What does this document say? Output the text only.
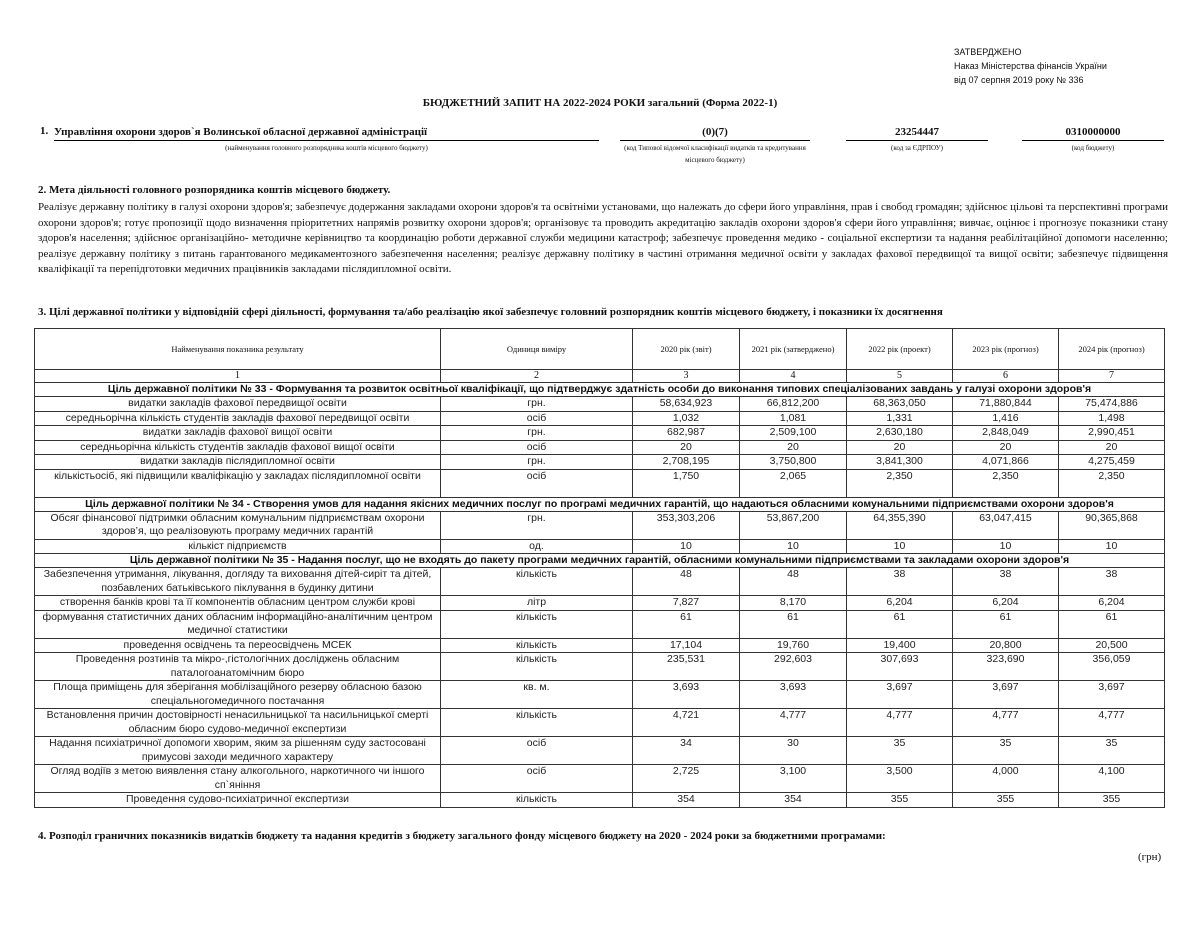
ЗАТВЕРДЖЕНО
Наказ Міністерства фінансів України
від 07 серпня 2019 року № 336
БЮДЖЕТНИЙ ЗАПИТ НА 2022-2024 РОКИ загальний (Форма 2022-1)
1. Управління охорони здоров`я Волинської обласної державної адміністрації
(найменування головного розпорядника коштів місцевого бюджету)
(0)(7)
(код Типової відомчої класифікації видатків та кредитування місцевого бюджету)
23254447
(код за ЄДРПОУ)
0310000000
(код бюджету)
2. Мета діяльності головного розпорядника коштів місцевого бюджету.
Реалізує державну політику в галузі охорони здоров'я; забезпечує додержання закладами охорони здоров'я та освітніми установами, що належать до сфери його управління, прав і свобод громадян; здійснює цільові та перспективні програми охорони здоров'я; готує пропозиції щодо визначення пріоритетних напрямів розвитку охорони здоров'я; організовує та проводить акредитацію закладів охорони здоров'я сфери його управління; вивчає, оцінює і прогнозує показники стану здоров'я населення; здійснює організаційно- методичне керівництво та координацію роботи державної служби медицини катастроф; забезпечує проведення медико - соціальної експертизи та надання реабілітаційної допомоги населенню; реалізує державну політику з питань гарантованого медикаментозного забезпечення населення; реалізує державну політику в частині отримання медичної освіти у закладах фахової передвищої та вищої освіти; забезпечує підвищення кваліфікації та перепідготовки медичних працівників закладами післядипломної освіти.
3. Цілі державної політики у відповідній сфері діяльності, формування та/або реалізацію якої забезпечує головний розпорядник коштів місцевого бюджету, і показники їх досягнення
Найменування показника результату	Одиниця виміру	2020 рік (звіт)	2021 рік (затверджено)	2022 рік (проект)	2023 рік (прогноз)	2024 рік (прогноз)
1	2	3	4	5	6	7
Ціль державної політики № 33 - Формування та розвиток освітньої кваліфікації, що підтверджує здатність особи до виконання типових спеціалізованих завдань у галузі охорони здоров'я						
видатки закладів фахової передвищої освіти	грн.	58,634,923	66,812,200	68,363,050	71,880,844	75,474,886
середньорічна кількість студентів закладів фахової передвищої освіти	осіб	1,032	1,081	1,331	1,416	1,498
видатки закладів фахової вищої освіти	грн.	682,987	2,509,100	2,630,180	2,848,049	2,990,451
середньорічна кількість студентів закладів фахової вищої освіти	осіб	20	20	20	20	20
видатки закладів післядипломної освіти	грн.	2,708,195	3,750,800	3,841,300	4,071,866	4,275,459
кількістьосіб, які підвищили кваліфікацію у закладах післядипломної освіти	осіб	1,750	2,065	2,350	2,350	2,350
Ціль державної політики № 34 - Створення умов для надання якісних медичних послуг по програмі медичних гарантій, що надаються обласними комунальними підприємствами охорони здоров'я						
Обсяг фінансової підтримки обласним комунальним підприємствам охорони здоров’я, що реалізовують програму медичних гарантій	грн.	353,303,206	53,867,200	64,355,390	63,047,415	90,365,868
кількіст підприємств	од.	10	10	10	10	10
Ціль державної політики № 35 - Надання послуг, що не входять до пакету програми медичних гарантій, обласними комунальними підприємствами та закладами охорони здоров'я						
Забезпечення утримання, лікування, догляду та виховання дітей-сиріт та дітей, позбавлених батьківського піклування в будинку дитини	кількість	48	48	38	38	38
створення банків крові та її компонентів обласним центром служби крові	літр	7,827	8,170	6,204	6,204	6,204
формування статистичних даних обласним інформаційно-аналітичним центром медичної статистики	кількість	61	61	61	61	61
проведення освідчень та переосвідчень МСЕК	кількість	17,104	19,760	19,400	20,800	20,500
Проведення розтинів та мікро-,гістологічних досліджень обласним паталогоанатомічним бюро	кількість	235,531	292,603	307,693	323,690	356,059
Площа приміщень для зберігання мобілізаційного резерву обласною базою спеціальногомедичного постачання	кв. м.	3,693	3,693	3,697	3,697	3,697
Встановлення причин достовірності ненасильницької та насильницької смерті обласним бюро судово-медичної експертизи	кількість	4,721	4,777	4,777	4,777	4,777
Надання психіатричної допомоги хворим, яким за рішенням суду застосовані примусові заходи медичного характеру	осіб	34	30	35	35	35
Огляд водіїв з метою виявлення стану алкогольного, наркотичного чи іншого сп`яніння	осіб	2,725	3,100	3,500	4,000	4,100
Проведення судово-психіатричної експертизи	кількість	354	354	355	355	355
4. Розподіл граничних показників видатків бюджету та надання кредитів з бюджету загального фонду місцевого бюджету на 2020 - 2024 роки за бюджетними програмами:
(грн)
